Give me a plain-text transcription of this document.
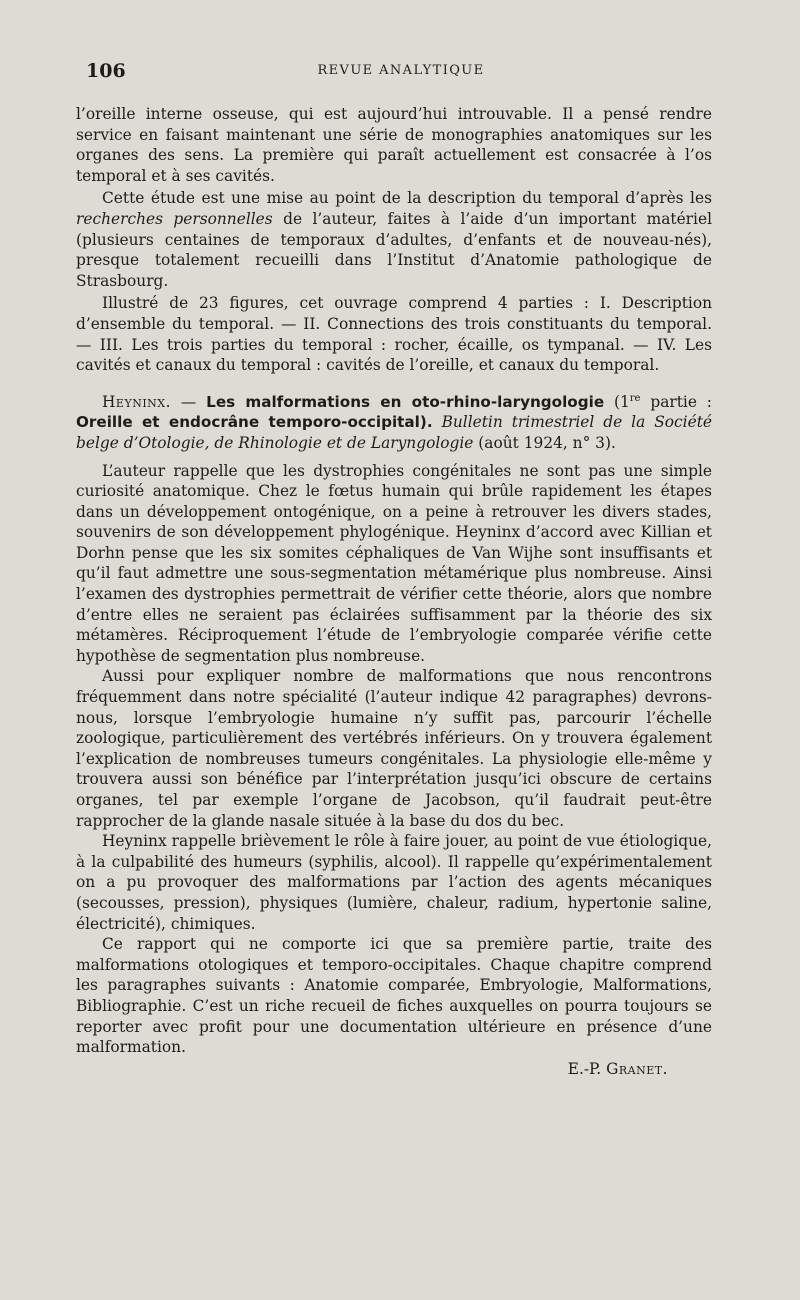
106	REVUE ANALYTIQUE

l’oreille interne osseuse, qui est aujourd’hui introuvable. Il a pensé rendre service en faisant maintenant une série de monographies anatomiques sur les organes des sens. La première qui paraît actuellement est consacrée à l’os temporal et à ses cavités.

Cette étude est une mise au point de la description du temporal d’après les recherches personnelles de l’auteur, faites à l’aide d’un important matériel (plusieurs centaines de temporaux d’adultes, d’enfants et de nouveau-nés), presque totalement recueilli dans l’Institut d’Anatomie pathologique de Strasbourg.

Illustré de 23 figures, cet ouvrage comprend 4 parties : I. Description d’ensemble du temporal. — II. Connections des trois constituants du temporal. — III. Les trois parties du temporal : rocher, écaille, os tympanal. — IV. Les cavités et canaux du temporal : cavités de l’oreille, et canaux du temporal.

Heyninx. — Les malformations en oto-rhino-laryngologie (1re partie : Oreille et endocrâne temporo-occipital). Bulletin trimestriel de la Société belge d’Otologie, de Rhinologie et de Laryngologie (août 1924, n° 3).

L’auteur rappelle que les dystrophies congénitales ne sont pas une simple curiosité anatomique. Chez le fœtus humain qui brûle rapidement les étapes dans un développement ontogénique, on a peine à retrouver les divers stades, souvenirs de son développement phylogénique. Heyninx d’accord avec Killian et Dorhn pense que les six somites céphaliques de Van Wijhe sont insuffisants et qu’il faut admettre une sous-segmentation métamérique plus nombreuse. Ainsi l’examen des dystrophies permettrait de vérifier cette théorie, alors que nombre d’entre elles ne seraient pas éclairées suffisamment par la théorie des six métamères. Réciproquement l’étude de l’embryologie comparée vérifie cette hypothèse de segmentation plus nombreuse.

Aussi pour expliquer nombre de malformations que nous rencontrons fréquemment dans notre spécialité (l’auteur indique 42 paragraphes) devrons-nous, lorsque l’embryologie humaine n’y suffit pas, parcourir l’échelle zoologique, particulièrement des vertébrés inférieurs. On y trouvera également l’explication de nombreuses tumeurs congénitales. La physiologie elle-même y trouvera aussi son bénéfice par l’interprétation jusqu’ici obscure de certains organes, tel par exemple l’organe de Jacobson, qu’il faudrait peut-être rapprocher de la glande nasale située à la base du dos du bec.

Heyninx rappelle brièvement le rôle à faire jouer, au point de vue étiologique, à la culpabilité des humeurs (syphilis, alcool). Il rappelle qu’expérimentalement on a pu provoquer des malformations par l’action des agents mécaniques (secousses, pression), physiques (lumière, chaleur, radium, hypertonie saline, électricité), chimiques.

Ce rapport qui ne comporte ici que sa première partie, traite des malformations otologiques et temporo-occipitales. Chaque chapitre comprend les paragraphes suivants : Anatomie comparée, Embryologie, Malformations, Bibliographie. C’est un riche recueil de fiches auxquelles on pourra toujours se reporter avec profit pour une documentation ultérieure en présence d’une malformation.

E.-P. Granet.
